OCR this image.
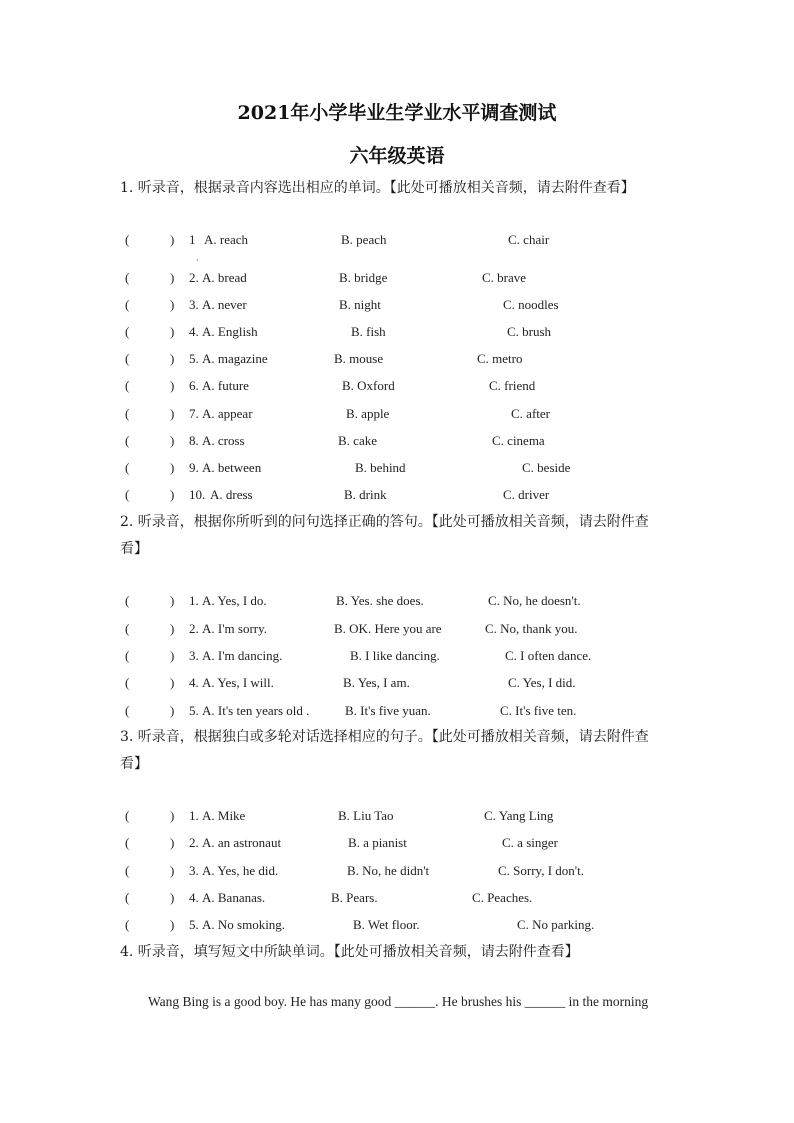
2021年小学毕业生学业水平调查测试
六年级英语
1. 听录音，根据录音内容选出相应的单词。【此处可播放相关音频，请去附件查看】
(	) 1 A. reach	B. peach	C. chair
(	) 2. A. bread	B. bridge	C. brave
(	) 3. A. never	B. night	C. noodles
(	) 4. A. English	B. fish	C. brush
(	) 5. A. magazine	B. mouse	C. metro
(	) 6. A. future	B. Oxford	C. friend
(	) 7. A. appear	B. apple	C. after
(	) 8. A. cross	B. cake	C. cinema
(	) 9. A. between	B. behind	C. beside
(	) 10. A. dress	B. drink	C. driver
·
2. 听录音，根据你所听到的问句选择正确的答句。【此处可播放相关音频，请去附件查看】
(	) 1. A. Yes, I do.	B. Yes. she does.	C. No, he doesn't.
(	) 2. A. I'm sorry.	B. OK. Here you are	C. No, thank you.
(	) 3. A. I'm dancing.	B. I like dancing.	C. I often dance.
(	) 4. A. Yes, I will.	B. Yes, I am.	C. Yes, I did.
(	) 5. A. It's ten years old .	B. It's five yuan.	C. It's five ten.
3. 听录音，根据独白或多轮对话选择相应的句子。【此处可播放相关音频，请去附件查看】
(	) 1. A. Mike	B. Liu Tao	C. Yang Ling
(	) 2. A. an astronaut	B. a pianist	C. a singer
(	) 3. A. Yes, he did.	B. No, he didn't	C. Sorry, I don't.
(	) 4. A. Bananas.	B. Pears.	C. Peaches.
(	) 5. A. No smoking.	B. Wet floor.	C. No parking.
4. 听录音，填写短文中所缺单词。【此处可播放相关音频，请去附件查看】
Wang Bing is a good boy. He has many good ______. He brushes his ______ in the morning
